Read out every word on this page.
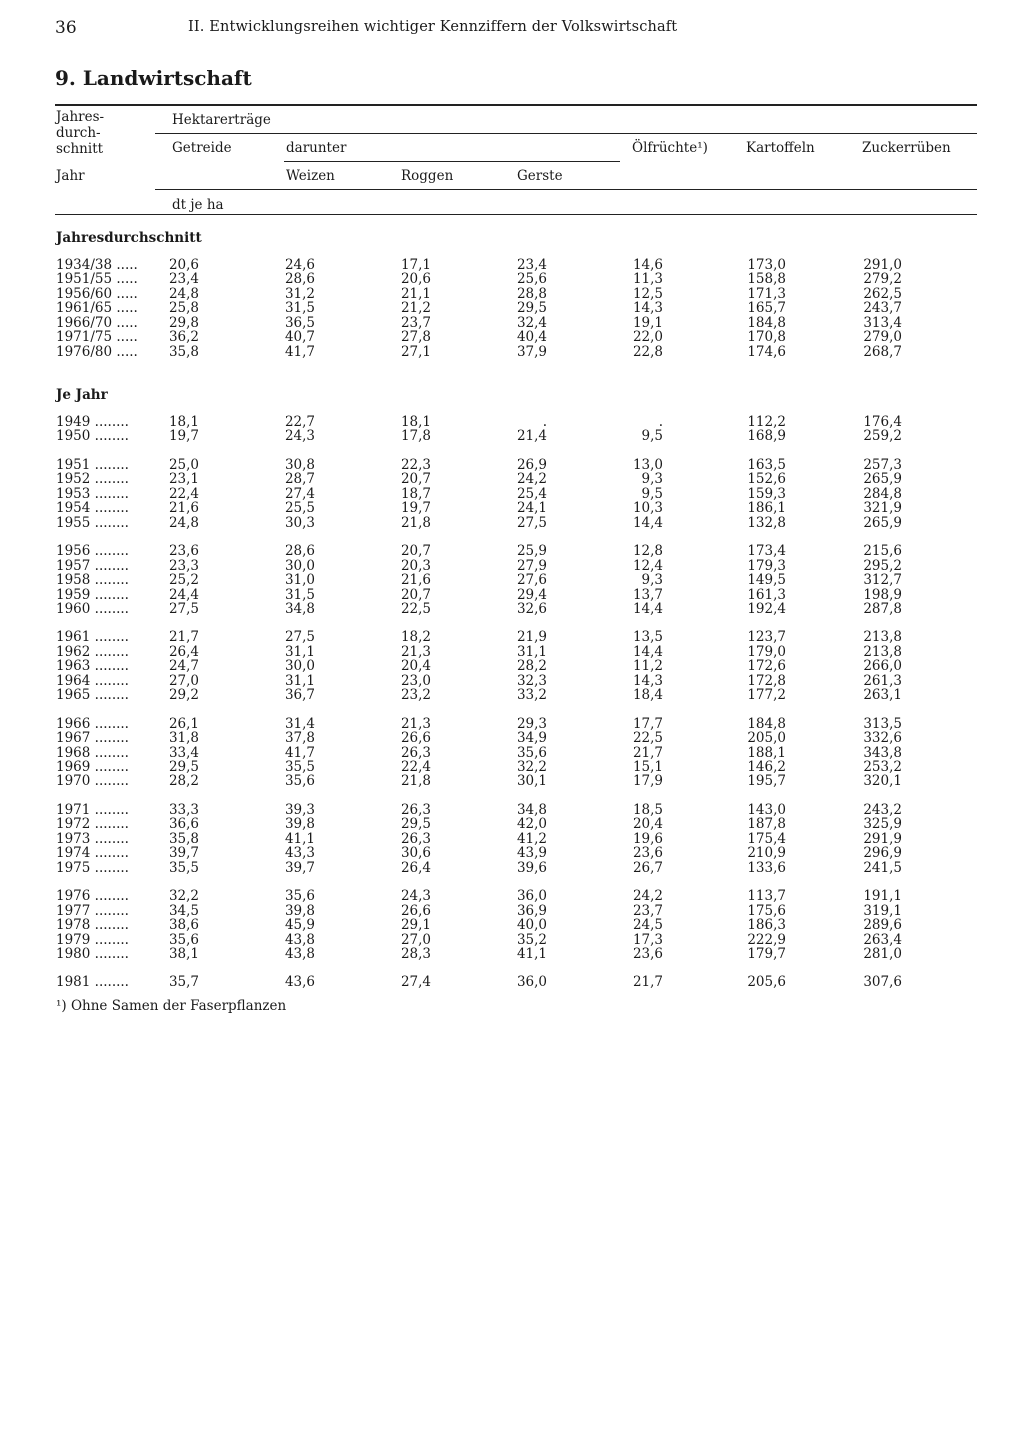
36	II. Entwicklungsreihen wichtiger Kennziffern der Volkswirtschaft
9. Landwirtschaft
Jahres-
durch-
schnitt
Jahr
Hektarerträge
Getreide	darunter
Weizen	Roggen	Gerste
Ölfrüchte¹)	Kartoffeln	Zuckerrüben
dt je ha
Jahresdurchschnitt
1934/38 ..... 20,6	24,6	17,1	23,4	14,6	173,0	291,0
1951/55 ..... 23,4	28,6	20,6	25,6	11,3	158,8	279,2
1956/60 ..... 24,8	31,2	21,1	28,8	12,5	171,3	262,5
1961/65 ..... 25,8	31,5	21,2	29,5	14,3	165,7	243,7
1966/70 ..... 29,8	36,5	23,7	32,4	19,1	184,8	313,4
1971/75 ..... 36,2	40,7	27,8	40,4	22,0	170,8	279,0
1976/80 ..... 35,8	41,7	27,1	37,9	22,8	174,6	268,7
Je Jahr
1949 ........	18,1	22,7	18,1	.	.	112,2	176,4
1950 ........	19,7	24,3	17,8	21,4	9,5	168,9	259,2
1951 ........	25,0	30,8	22,3	26,9	13,0	163,5	257,3
1952 ........	23,1	28,7	20,7	24,2	9,3	152,6	265,9
1953 ........	22,4	27,4	18,7	25,4	9,5	159,3	284,8
1954 ........	21,6	25,5	19,7	24,1	10,3	186,1	321,9
1955 ........	24,8	30,3	21,8	27,5	14,4	132,8	265,9
1956 ........	23,6	28,6	20,7	25,9	12,8	173,4	215,6
1957 ........	23,3	30,0	20,3	27,9	12,4	179,3	295,2
1958 ........	25,2	31,0	21,6	27,6	9,3	149,5	312,7
1959 ........	24,4	31,5	20,7	29,4	13,7	161,3	198,9
1960 ........	27,5	34,8	22,5	32,6	14,4	192,4	287,8
1961 ........	21,7	27,5	18,2	21,9	13,5	123,7	213,8
1962 ........	26,4	31,1	21,3	31,1	14,4	179,0	213,8
1963 ........	24,7	30,0	20,4	28,2	11,2	172,6	266,0
1964 ........	27,0	31,1	23,0	32,3	14,3	172,8	261,3
1965 ........	29,2	36,7	23,2	33,2	18,4	177,2	263,1
1966 ........	26,1	31,4	21,3	29,3	17,7	184,8	313,5
1967 ........	31,8	37,8	26,6	34,9	22,5	205,0	332,6
1968 ........	33,4	41,7	26,3	35,6	21,7	188,1	343,8
1969 ........	29,5	35,5	22,4	32,2	15,1	146,2	253,2
1970 ........	28,2	35,6	21,8	30,1	17,9	195,7	320,1
1971 ........	33,3	39,3	26,3	34,8	18,5	143,0	243,2
1972 ........	36,6	39,8	29,5	42,0	20,4	187,8	325,9
1973 ........	35,8	41,1	26,3	41,2	19,6	175,4	291,9
1974 ........	39,7	43,3	30,6	43,9	23,6	210,9	296,9
1975 ........	35,5	39,7	26,4	39,6	26,7	133,6	241,5
1976 ........	32,2	35,6	24,3	36,0	24,2	113,7	191,1
1977 ........	34,5	39,8	26,6	36,9	23,7	175,6	319,1
1978 ........	38,6	45,9	29,1	40,0	24,5	186,3	289,6
1979 ........	35,6	43,8	27,0	35,2	17,3	222,9	263,4
1980 ........	38,1	43,8	28,3	41,1	23,6	179,7	281,0
1981 ........	35,7	43,6	27,4	36,0	21,7	205,6	307,6
¹) Ohne Samen der Faserpflanzen
